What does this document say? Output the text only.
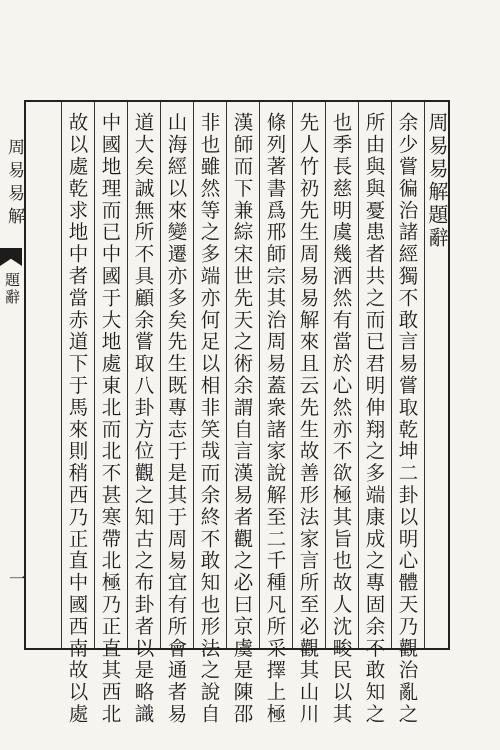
周易易解
題辭
一
周易易解題辭
余少嘗徧治諸經獨不敢言易嘗取乾坤二卦以明心體天乃觀治亂之
所由與與憂患者共之而已君明伸翔之多端康成之專固余不敢知之
也季長慈明虞幾洒然有當於心然亦不欲極其旨也故人沈畯民以其
先人竹礽先生周易易解來且云先生故善形法家言所至必觀其山川
條列著書爲邢師宗其治周易蓋衆諸家說解至二千種凡所采擇上極
漢師而下兼綜宋世先天之術余謂自言漢易者觀之必曰京虞是陳邵
非也雖然等之多端亦何足以相非笑哉而余終不敢知也形法之說自
山海經以來變遷亦多矣先生既專志于是其于周易宜有所會通者易
道大矣誠無所不具顧余嘗取八卦方位觀之知古之布卦者以是略識
中國地理而已中國于大地處東北而北不甚寒帶北極乃正直其西北
故以處乾求地中者當赤道下于馬來則稍西乃正直中國西南故以處
